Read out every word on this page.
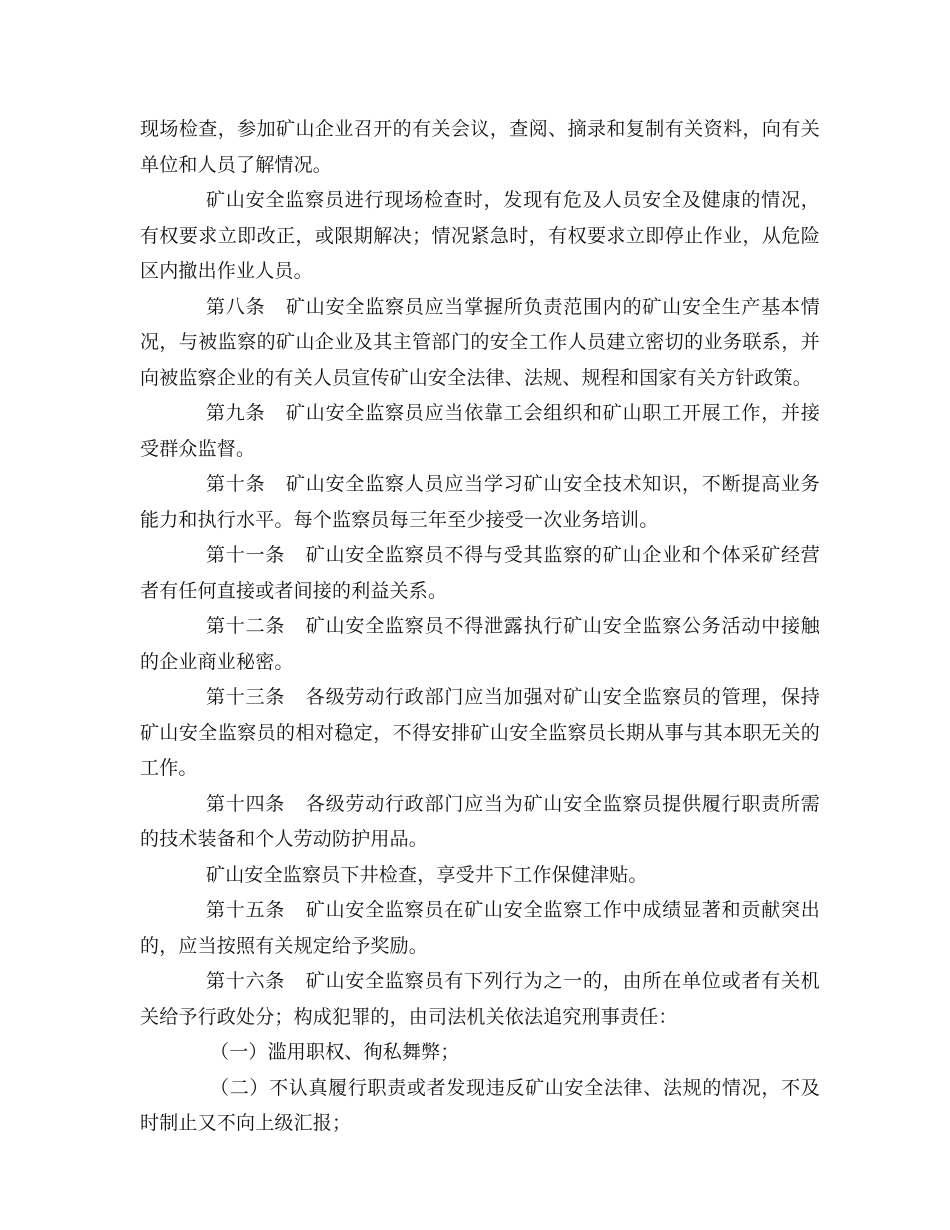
现场检查，参加矿山企业召开的有关会议，查阅、摘录和复制有关资料，向有关单位和人员了解情况。

矿山安全监察员进行现场检查时，发现有危及人员安全及健康的情况，有权要求立即改正，或限期解决；情况紧急时，有权要求立即停止作业，从危险区内撤出作业人员。

第八条 矿山安全监察员应当掌握所负责范围内的矿山安全生产基本情况，与被监察的矿山企业及其主管部门的安全工作人员建立密切的业务联系，并向被监察企业的有关人员宣传矿山安全法律、法规、规程和国家有关方针政策。

第九条 矿山安全监察员应当依靠工会组织和矿山职工开展工作，并接受群众监督。

第十条 矿山安全监察人员应当学习矿山安全技术知识，不断提高业务能力和执行水平。每个监察员每三年至少接受一次业务培训。

第十一条 矿山安全监察员不得与受其监察的矿山企业和个体采矿经营者有任何直接或者间接的利益关系。

第十二条 矿山安全监察员不得泄露执行矿山安全监察公务活动中接触的企业商业秘密。

第十三条 各级劳动行政部门应当加强对矿山安全监察员的管理，保持矿山安全监察员的相对稳定，不得安排矿山安全监察员长期从事与其本职无关的工作。

第十四条 各级劳动行政部门应当为矿山安全监察员提供履行职责所需的技术装备和个人劳动防护用品。

矿山安全监察员下井检查，享受井下工作保健津贴。

第十五条 矿山安全监察员在矿山安全监察工作中成绩显著和贡献突出的，应当按照有关规定给予奖励。

第十六条 矿山安全监察员有下列行为之一的，由所在单位或者有关机关给予行政处分；构成犯罪的，由司法机关依法追究刑事责任：

（一）滥用职权、徇私舞弊；

（二）不认真履行职责或者发现违反矿山安全法律、法规的情况，不及时制止又不向上级汇报；
